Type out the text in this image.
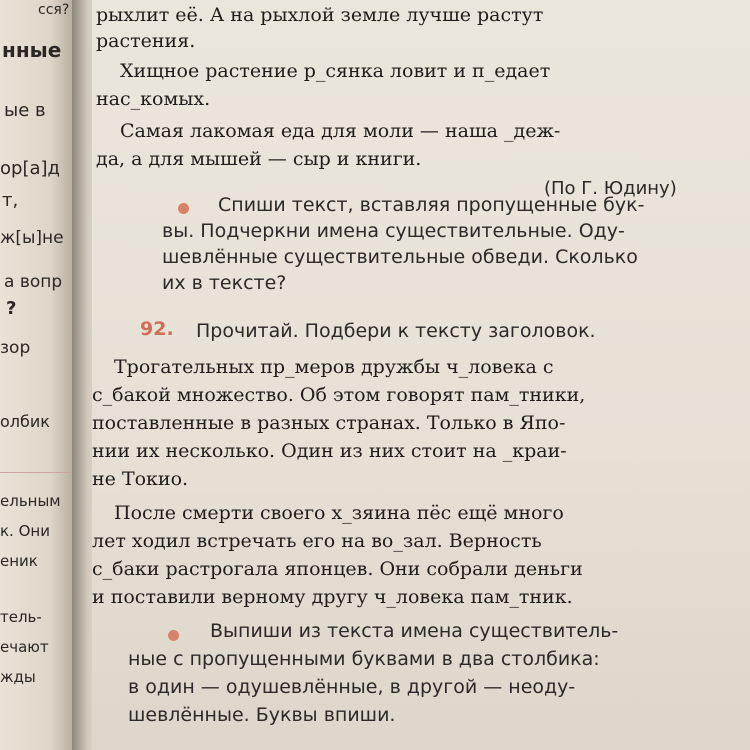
сся?
нные
ые в
ор[а]д
т,
ж[ы]не
а вопр
?
зор
олбик
ельным
к. Они
еник
тель-
ечают
жды
рыхлит её. А на рыхлой земле лучше растут
растения.
Хищное растение р_сянка ловит и п_едает
нас_комых.
Самая лакомая еда для моли — наша _деж-
да, а для мышей — сыр и книги.
(По Г. Юдину)
Спиши текст, вставляя пропущенные бук-
вы. Подчеркни имена существительные. Оду-
шевлённые существительные обведи. Сколько
их в тексте?
92. Прочитай. Подбери к тексту заголовок.
Трогательных пр_меров дружбы ч_ловека с
с_бакой множество. Об этом говорят пам_тники,
поставленные в разных странах. Только в Япо-
нии их несколько. Один из них стоит на _краи-
не Токио.
После смерти своего х_зяина пёс ещё много
лет ходил встречать его на во_зал. Верность
с_баки растрогала японцев. Они собрали деньги
и поставили верному другу ч_ловека пам_тник.
Выпиши из текста имена существитель-
ные с пропущенными буквами в два столбика:
в один — одушевлённые, в другой — неоду-
шевлённые. Буквы впиши.
